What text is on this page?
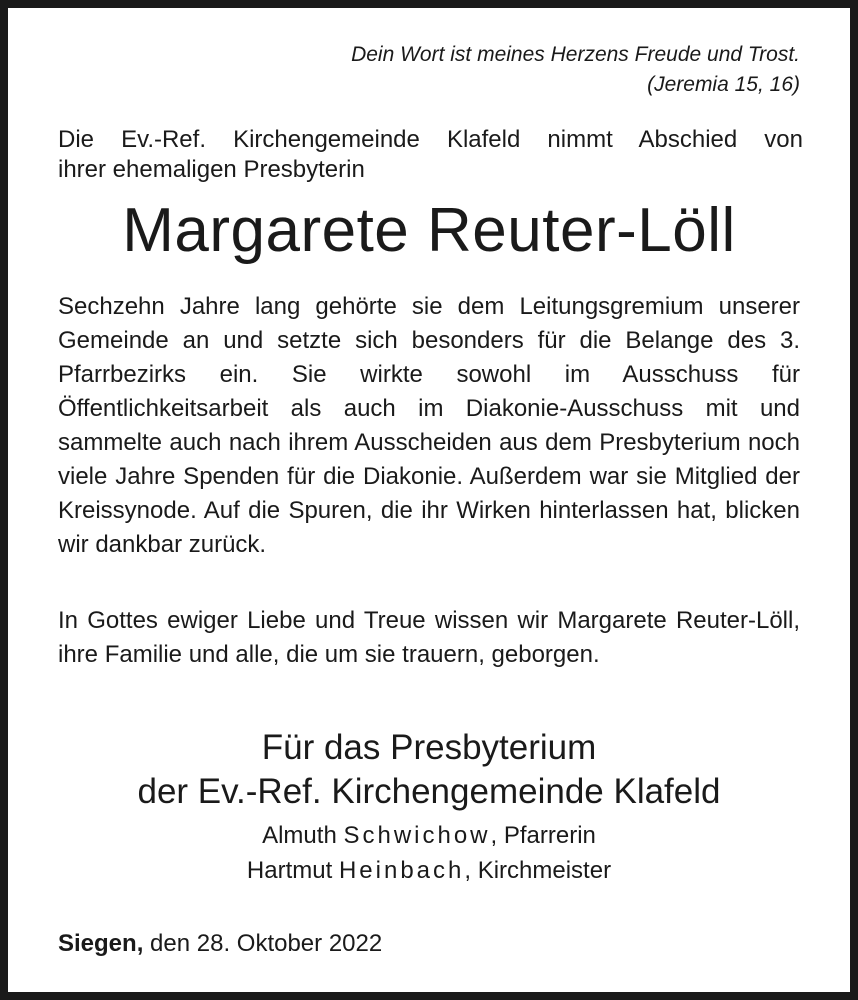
Dein Wort ist meines Herzens Freude und Trost.
(Jeremia 15, 16)
Die Ev.-Ref. Kirchengemeinde Klafeld nimmt Abschied von
ihrer ehemaligen Presbyterin
Margarete Reuter-Löll
Sechzehn Jahre lang gehörte sie dem Leitungsgremium unserer Gemeinde an und setzte sich besonders für die Belange des 3. Pfarrbezirks ein. Sie wirkte sowohl im Ausschuss für Öffentlichkeitsarbeit als auch im Diakonie-Ausschuss mit und sammelte auch nach ihrem Ausscheiden aus dem Presbyterium noch viele Jahre Spenden für die Diakonie. Außerdem war sie Mitglied der Kreissynode. Auf die Spuren, die ihr Wirken hinterlassen hat, blicken wir dankbar zurück.
In Gottes ewiger Liebe und Treue wissen wir Margarete Reuter-Löll, ihre Familie und alle, die um sie trauern, geborgen.
Für das Presbyterium
der Ev.-Ref. Kirchengemeinde Klafeld
Almuth Schwichow, Pfarrerin
Hartmut Heinbach, Kirchmeister
Siegen, den 28. Oktober 2022
